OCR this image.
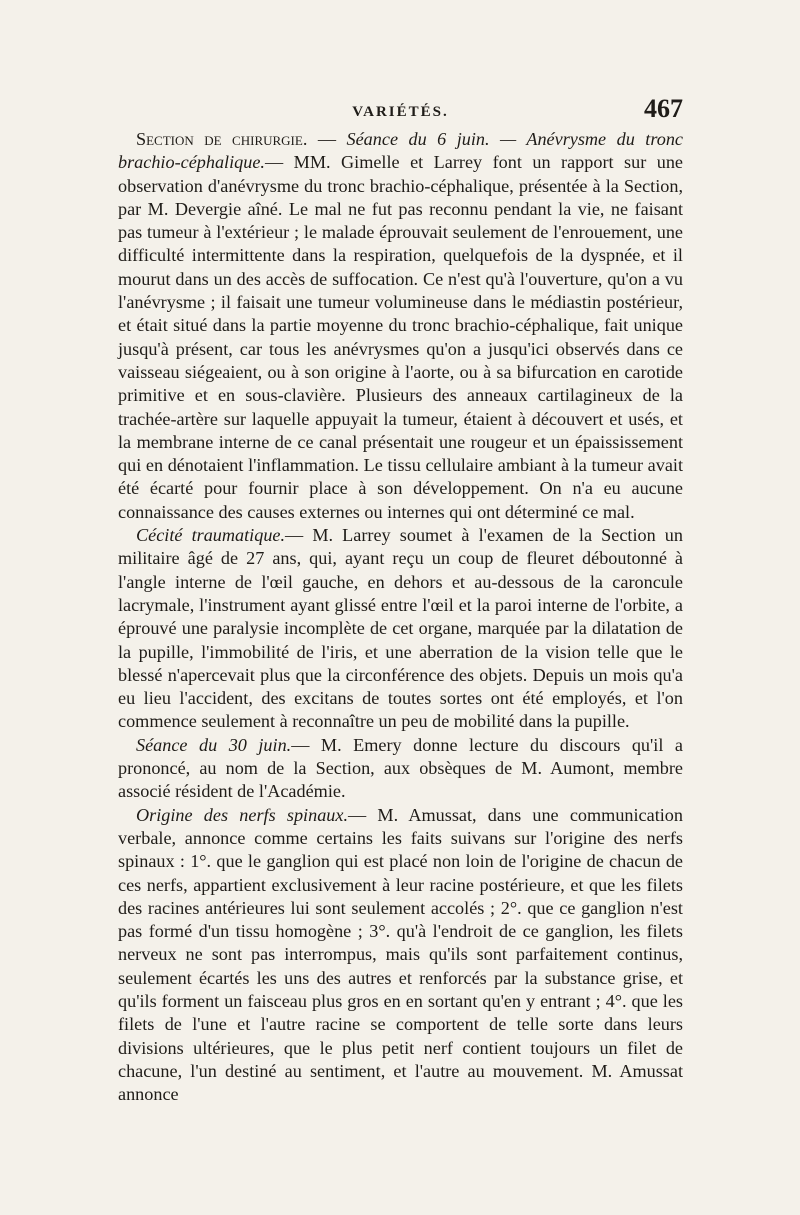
VARIÉTÉS.	467

Section de chirurgie. — Séance du 6 juin. — Anévrysme du tronc brachio-céphalique.— MM. Gimelle et Larrey font un rapport sur une observation d'anévrysme du tronc brachio-céphalique, présentée à la Section, par M. Devergie aîné. Le mal ne fut pas reconnu pendant la vie, ne faisant pas tumeur à l'extérieur ; le malade éprouvait seulement de l'enrouement, une difficulté intermittente dans la respiration, quelquefois de la dyspnée, et il mourut dans un des accès de suffocation. Ce n'est qu'à l'ouverture, qu'on a vu l'anévrysme ; il faisait une tumeur volumineuse dans le médiastin postérieur, et était situé dans la partie moyenne du tronc brachio-céphalique, fait unique jusqu'à présent, car tous les anévrysmes qu'on a jusqu'ici observés dans ce vaisseau siégeaient, ou à son origine à l'aorte, ou à sa bifurcation en carotide primitive et en sous-clavière. Plusieurs des anneaux cartilagineux de la trachée-artère sur laquelle appuyait la tumeur, étaient à découvert et usés, et la membrane interne de ce canal présentait une rougeur et un épaississement qui en dénotaient l'inflammation. Le tissu cellulaire ambiant à la tumeur avait été écarté pour fournir place à son développement. On n'a eu aucune connaissance des causes externes ou internes qui ont déterminé ce mal.

Cécité traumatique.— M. Larrey soumet à l'examen de la Section un militaire âgé de 27 ans, qui, ayant reçu un coup de fleuret déboutonné à l'angle interne de l'œil gauche, en dehors et au-dessous de la caroncule lacrymale, l'instrument ayant glissé entre l'œil et la paroi interne de l'orbite, a éprouvé une paralysie incomplète de cet organe, marquée par la dilatation de la pupille, l'immobilité de l'iris, et une aberration de la vision telle que le blessé n'apercevait plus que la circonférence des objets. Depuis un mois qu'a eu lieu l'accident, des excitans de toutes sortes ont été employés, et l'on commence seulement à reconnaître un peu de mobilité dans la pupille.

Séance du 30 juin.— M. Emery donne lecture du discours qu'il a prononcé, au nom de la Section, aux obsèques de M. Aumont, membre associé résident de l'Académie.

Origine des nerfs spinaux.— M. Amussat, dans une communication verbale, annonce comme certains les faits suivans sur l'origine des nerfs spinaux : 1°. que le ganglion qui est placé non loin de l'origine de chacun de ces nerfs, appartient exclusivement à leur racine postérieure, et que les filets des racines antérieures lui sont seulement accolés ; 2°. que ce ganglion n'est pas formé d'un tissu homogène ; 3°. qu'à l'endroit de ce ganglion, les filets nerveux ne sont pas interrompus, mais qu'ils sont parfaitement continus, seulement écartés les uns des autres et renforcés par la substance grise, et qu'ils forment un faisceau plus gros en en sortant qu'en y entrant ; 4°. que les filets de l'une et l'autre racine se comportent de telle sorte dans leurs divisions ultérieures, que le plus petit nerf contient toujours un filet de chacune, l'un destiné au sentiment, et l'autre au mouvement. M. Amussat annonce
